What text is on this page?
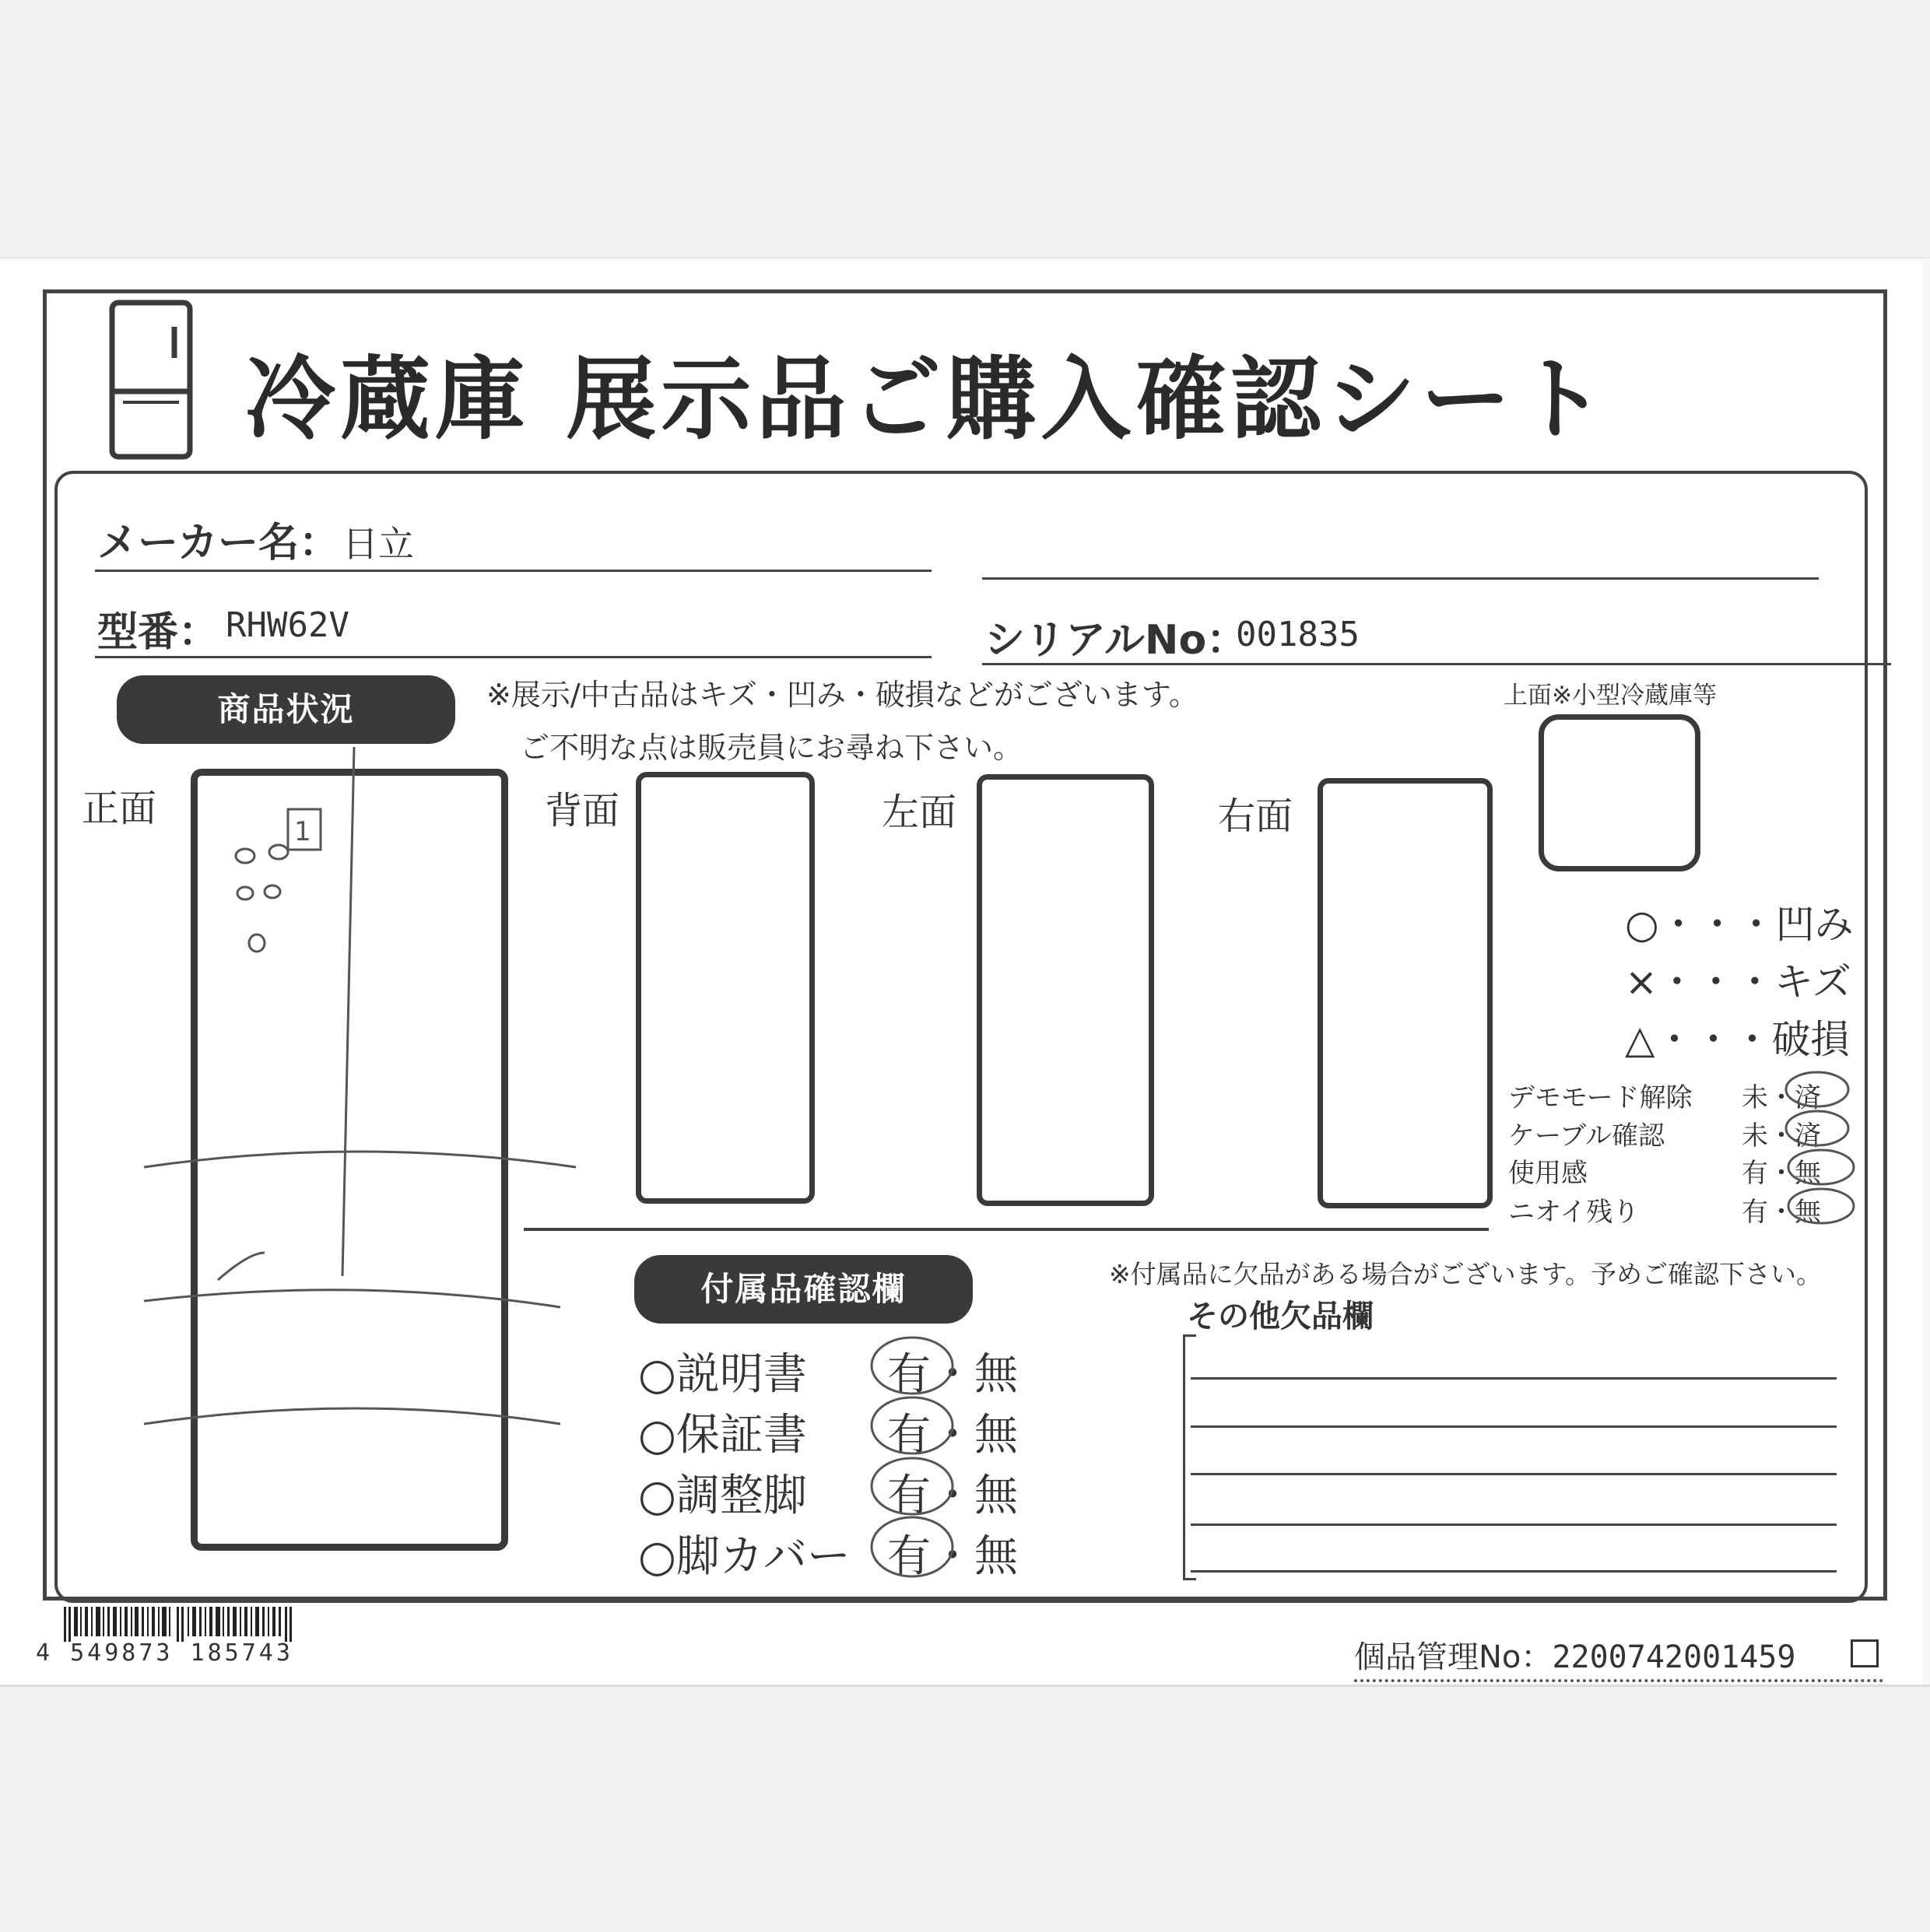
冷蔵庫 展示品ご購入確認シート
メーカー名： 日立
型番： RHW62V	シリアルNo：
001835
商品状況	※展示/中古品はキズ・凹み・破損などがございます。
ご不明な点は販売員にお尋ね下さい。
正面	背面	左面	右面
上面※小型冷蔵庫等
○・・・凹み
×・・・キズ
△・・・破損
デモモード解除 未・済
ケーブル確認	未・済
使用感	有・無
ニオイ残り	有・無
付属品確認欄	※付属品に欠品がある場合がございます。予めご確認下さい。
○説明書 有・無
○保証書 有・無
○調整脚 有・無
○脚カバー 有・無
その他欠品欄
4 549873 185743	個品管理No：2200742001459
1
